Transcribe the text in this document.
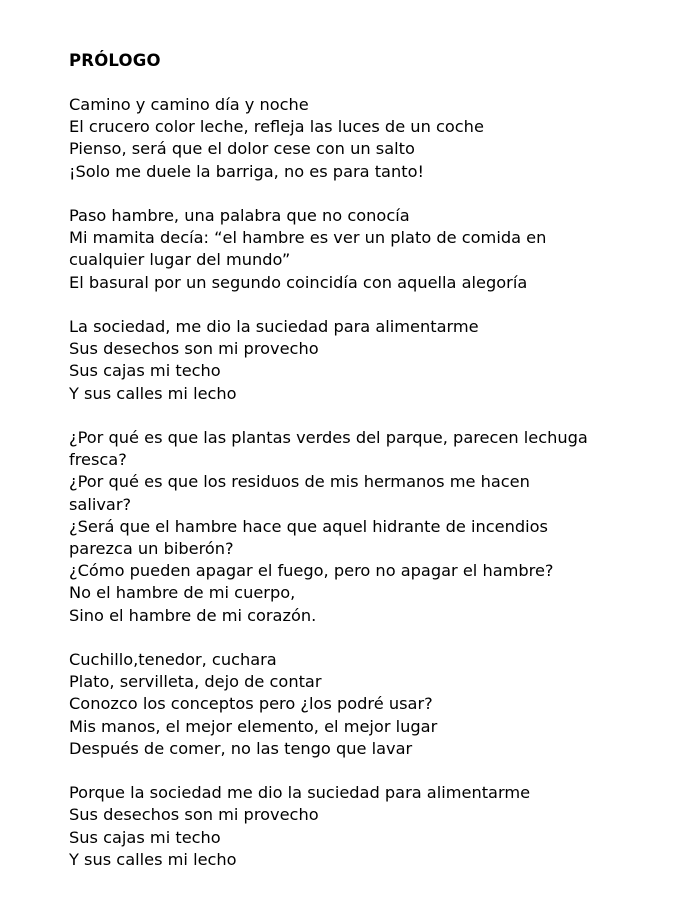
PRÓLOGO
Camino y camino día y noche
El crucero color leche, refleja las luces de un coche
Pienso, será que el dolor cese con un salto
¡Solo me duele la barriga, no es para tanto!
Paso hambre, una palabra que no conocía
Mi mamita decía: “el hambre es ver un plato de comida en
cualquier lugar del mundo”
El basural por un segundo coincidía con aquella alegoría
La sociedad, me dio la suciedad para alimentarme
Sus desechos son mi provecho
Sus cajas mi techo
Y sus calles mi lecho
¿Por qué es que las plantas verdes del parque, parecen lechuga
fresca?
¿Por qué es que los residuos de mis hermanos me hacen
salivar?
¿Será que el hambre hace que aquel hidrante de incendios
parezca un biberón?
¿Cómo pueden apagar el fuego, pero no apagar el hambre?
No el hambre de mi cuerpo,
Sino el hambre de mi corazón.
Cuchillo,tenedor, cuchara
Plato, servilleta, dejo de contar
Conozco los conceptos pero ¿los podré usar?
Mis manos, el mejor elemento, el mejor lugar
Después de comer, no las tengo que lavar
Porque la sociedad me dio la suciedad para alimentarme
Sus desechos son mi provecho
Sus cajas mi techo
Y sus calles mi lecho
